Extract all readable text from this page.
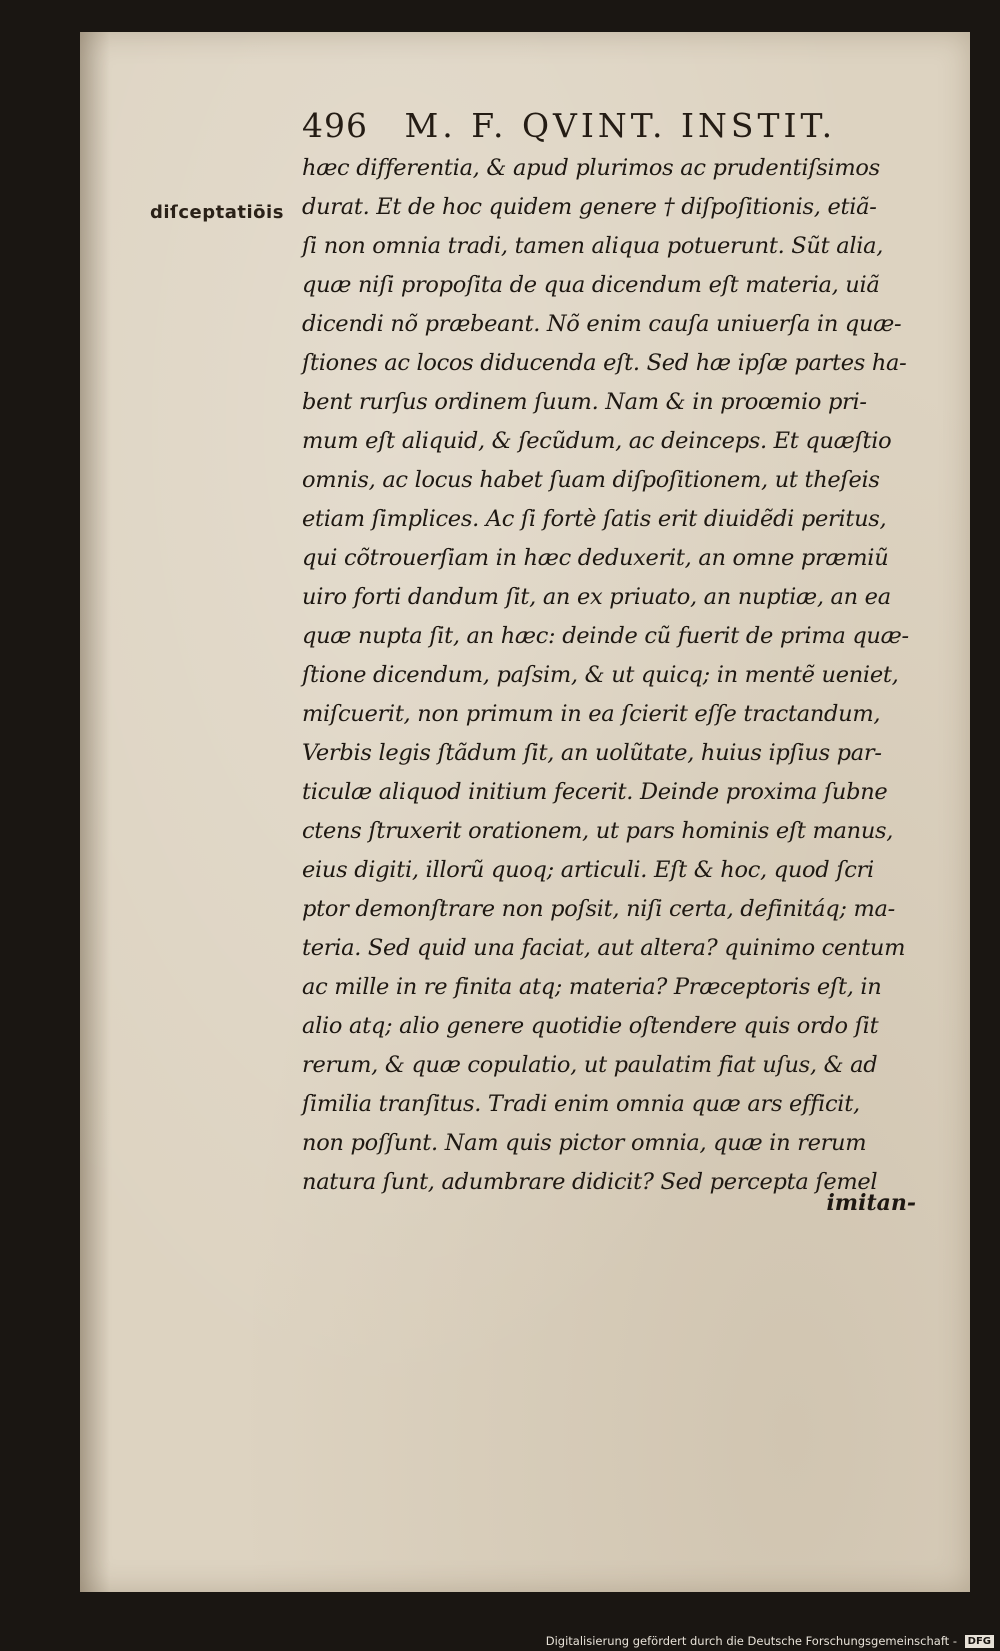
496 M. F. QVINT. INSTIT.
diſceptatiōis
hæc differentia, & apud plurimos ac prudentiſsimos
durat. Et de hoc quidem genere † diſpoſitionis, etiã-
ſi non omnia tradi, tamen aliqua potuerunt. Sũt alia,
quæ niſi propoſita de qua dicendum eſt materia, uiã
dicendi nõ præbeant. Nõ enim cauſa uniuerſa in quæ-
ſtiones ac locos diducenda eſt. Sed hæ ipſæ partes ha-
bent rurſus ordinem ſuum. Nam & in proœmio pri-
mum eſt aliquid, & ſecũdum, ac deinceps. Et quæſtio
omnis, ac locus habet ſuam diſpoſitionem, ut theſeis
etiam ſimplices. Ac ſi fortè ſatis erit diuidẽdi peritus,
qui cõtrouerſiam in hæc deduxerit, an omne præmiũ
uiro forti dandum ſit, an ex priuato, an nuptiæ, an ea
quæ nupta ſit, an hæc: deinde cũ fuerit de prima quæ-
ſtione dicendum, paſsim, & ut quicq; in mentẽ ueniet,
miſcuerit, non primum in ea ſcierit eſſe tractandum,
Verbis legis ſtãdum ſit, an uolũtate, huius ipſius par-
ticulæ aliquod initium fecerit. Deinde proxima ſubne
ctens ſtruxerit orationem, ut pars hominis eſt manus,
eius digiti, illorũ quoq; articuli. Eſt & hoc, quod ſcri
ptor demonſtrare non poſsit, niſi certa, definitáq; ma-
teria. Sed quid una faciat, aut altera? quinimo centum
ac mille in re finita atq; materia? Præceptoris eſt, in
alio atq; alio genere quotidie oſtendere quis ordo ſit
rerum, & quæ copulatio, ut paulatim fiat uſus, & ad
ſimilia tranſitus. Tradi enim omnia quæ ars efficit,
non poſſunt. Nam quis pictor omnia, quæ in rerum
natura ſunt, adumbrare didicit? Sed percepta ſemel
imitan-
Digitalisierung gefördert durch die Deutsche Forschungsgemeinschaft - DFG
